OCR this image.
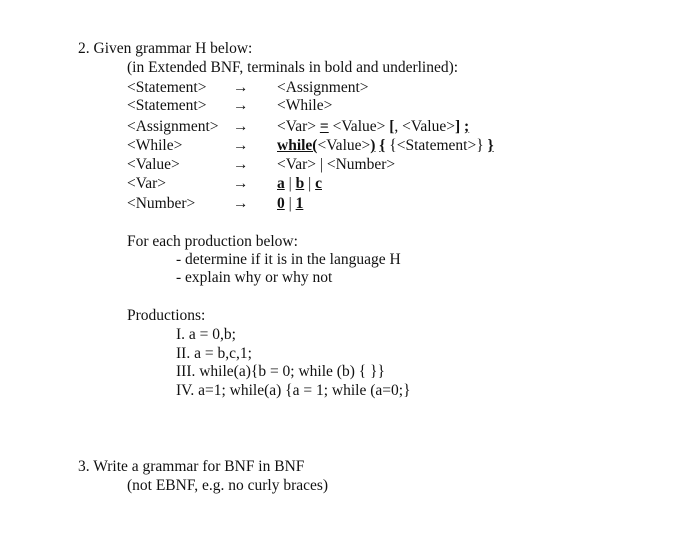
2. Given grammar H below:
(in Extended BNF, terminals in bold and underlined):
<Statement> → <Assignment>
<Statement> → <While>
<Assignment> → <Var> = <Value> [, <Value>] ;
<While>	→ while(<Value>) { {<Statement>} }
<Value>	→ <Var> | <Number>
<Var>	→ a | b | c
<Number> → 0 | 1
For each production below:
- determine if it is in the language H
- explain why or why not
Productions:
I. a = 0,b;
II. a = b,c,1;
III. while(a){b = 0; while (b) { }}
IV. a=1; while(a) {a = 1; while (a=0;}
3. Write a grammar for BNF in BNF
(not EBNF, e.g. no curly braces)
